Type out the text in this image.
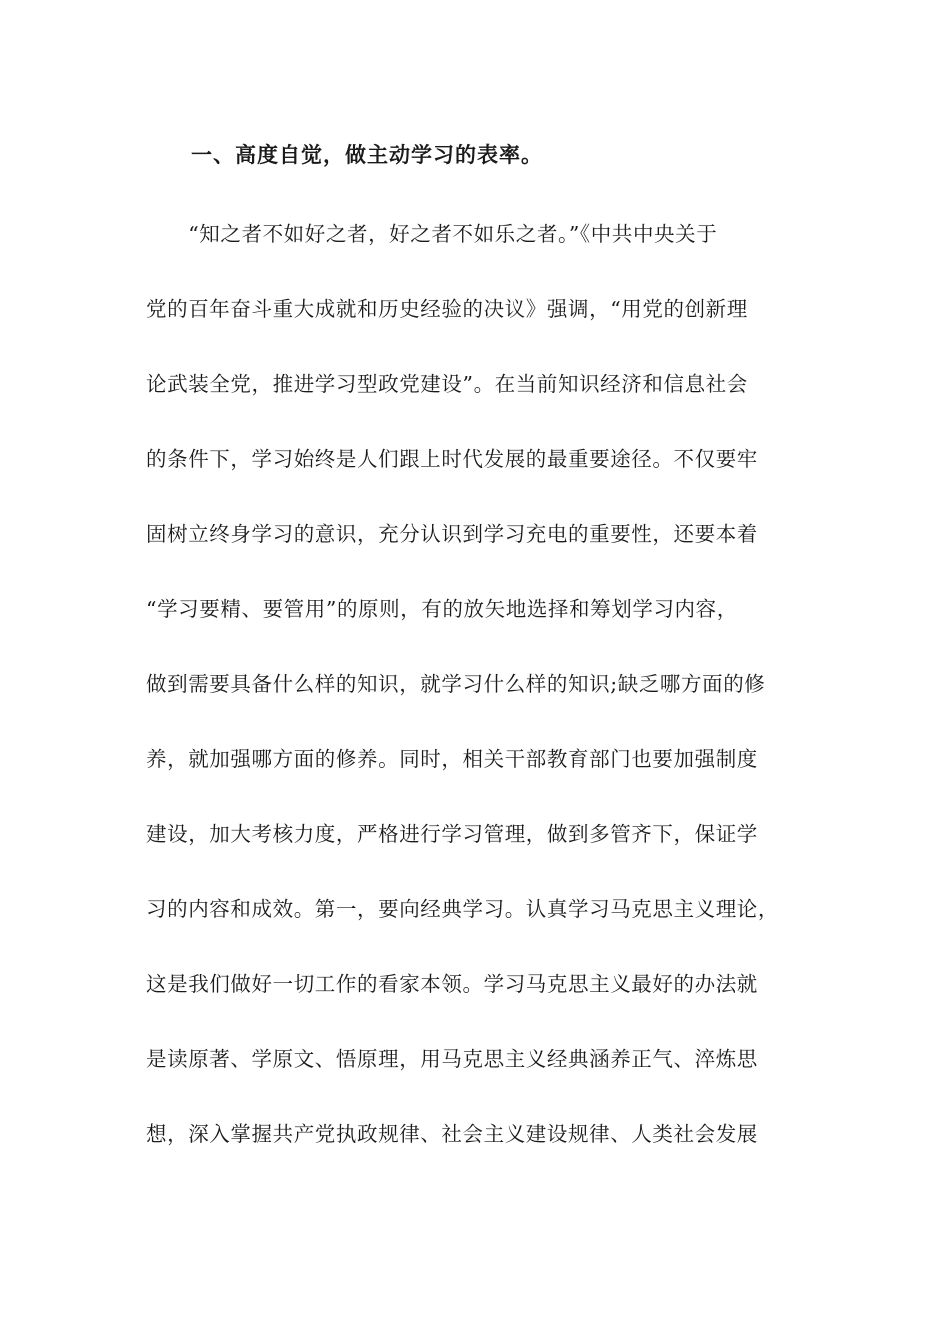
一、高度自觉，做主动学习的表率。
　　“知之者不如好之者，好之者不如乐之者。”《中共中央关于
党的百年奋斗重大成就和历史经验的决议》强调，“用党的创新理
论武装全党，推进学习型政党建设”。在当前知识经济和信息社会
的条件下，学习始终是人们跟上时代发展的最重要途径。不仅要牢
固树立终身学习的意识，充分认识到学习充电的重要性，还要本着
“学习要精、要管用”的原则，有的放矢地选择和筹划学习内容，
做到需要具备什么样的知识，就学习什么样的知识;缺乏哪方面的修
养，就加强哪方面的修养。同时，相关干部教育部门也要加强制度
建设，加大考核力度，严格进行学习管理，做到多管齐下，保证学
习的内容和成效。第一，要向经典学习。认真学习马克思主义理论，
这是我们做好一切工作的看家本领。学习马克思主义最好的办法就
是读原著、学原文、悟原理，用马克思主义经典涵养正气、淬炼思
想，深入掌握共产党执政规律、社会主义建设规律、人类社会发展
